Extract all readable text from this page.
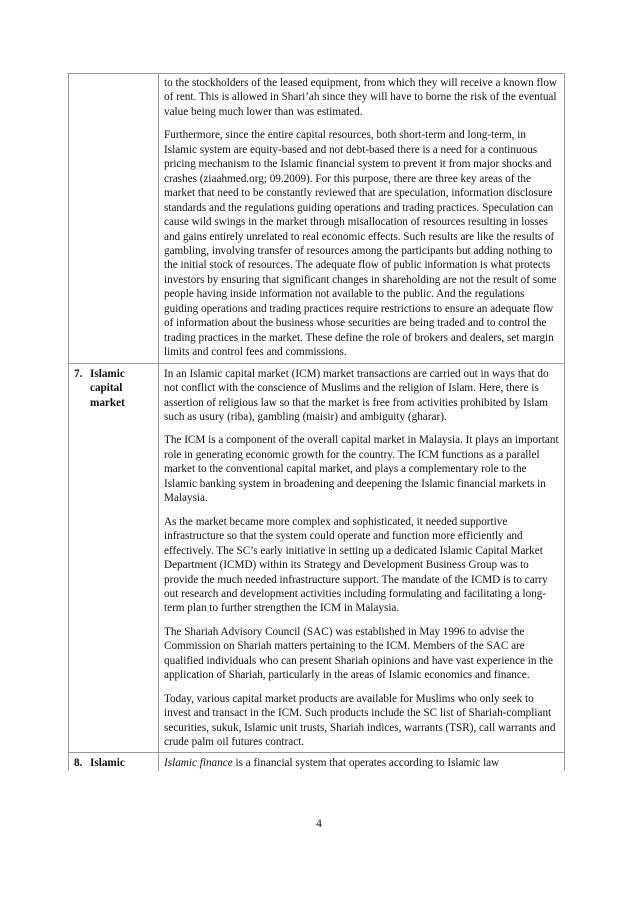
	to the stockholders of the leased equipment, from which they will receive a known flow of rent. This is allowed in Shari’ah since they will have to borne the risk of the eventual value being much lower than was estimated.

Furthermore, since the entire capital resources, both short-term and long-term, in Islamic system are equity-based and not debt-based there is a need for a continuous pricing mechanism to the Islamic financial system to prevent it from major shocks and crashes (ziaahmed.org; 09.2009). For this purpose, there are three key areas of the market that need to be constantly reviewed that are speculation, information disclosure standards and the regulations guiding operations and trading practices. Speculation can cause wild swings in the market through misallocation of resources resulting in losses and gains entirely unrelated to real economic effects. Such results are like the results of gambling, involving transfer of resources among the participants but adding nothing to the initial stock of resources. The adequate flow of public information is what protects investors by ensuring that significant changes in shareholding are not the result of some people having inside information not available to the public. And the regulations guiding operations and trading practices require restrictions to ensure an adequate flow of information about the business whose securities are being traded and to control the trading practices in the market. These define the role of brokers and dealers, set margin limits and control fees and commissions.

7. Islamic capital market	In an Islamic capital market (ICM) market transactions are carried out in ways that do not conflict with the conscience of Muslims and the religion of Islam. Here, there is assertion of religious law so that the market is free from activities prohibited by Islam such as usury (riba), gambling (maisir) and ambiguity (gharar).

The ICM is a component of the overall capital market in Malaysia. It plays an important role in generating economic growth for the country. The ICM functions as a parallel market to the conventional capital market, and plays a complementary role to the Islamic banking system in broadening and deepening the Islamic financial markets in Malaysia.

As the market became more complex and sophisticated, it needed supportive infrastructure so that the system could operate and function more efficiently and effectively. The SC’s early initiative in setting up a dedicated Islamic Capital Market Department (ICMD) within its Strategy and Development Business Group was to provide the much needed infrastructure support. The mandate of the ICMD is to carry out research and development activities including formulating and facilitating a long-term plan to further strengthen the ICM in Malaysia.

The Shariah Advisory Council (SAC) was established in May 1996 to advise the Commission on Shariah matters pertaining to the ICM. Members of the SAC are qualified individuals who can present Shariah opinions and have vast experience in the application of Shariah, particularly in the areas of Islamic economics and finance.

Today, various capital market products are available for Muslims who only seek to invest and transact in the ICM. Such products include the SC list of Shariah-compliant securities, sukuk, Islamic unit trusts, Shariah indices, warrants (TSR), call warrants and crude palm oil futures contract.

8. Islamic	Islamic finance is a financial system that operates according to Islamic law
4
